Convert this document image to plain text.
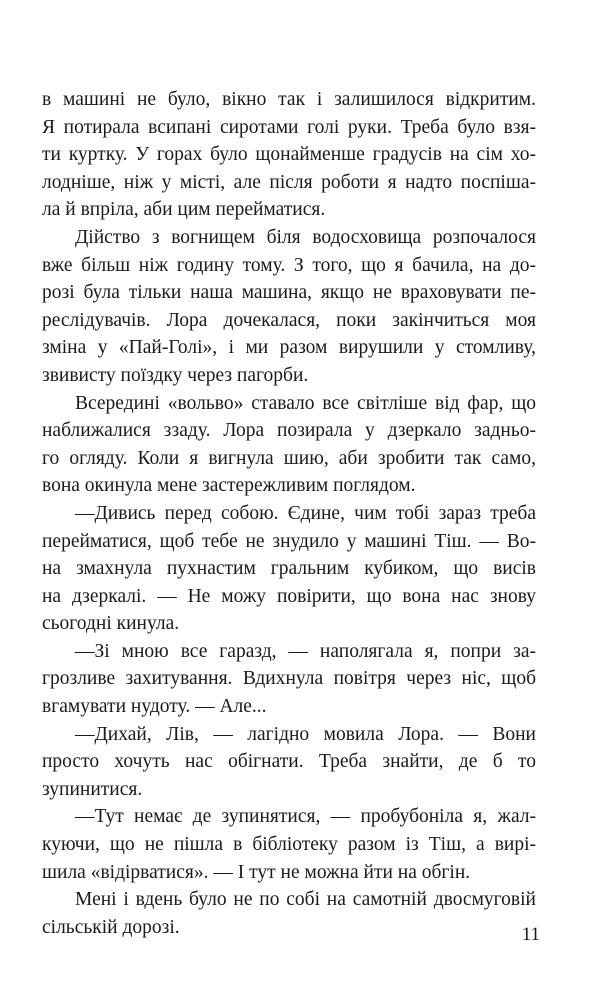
в машині не було, вікно так і залишилося відкритим.
Я потирала всипані сиротами голі руки. Треба було взя-
ти куртку. У горах було щонайменше градусів на сім хо-
лодніше, ніж у місті, але після роботи я надто поспіша-
ла й впріла, аби цим перейматися.
Дійство з вогнищем біля водосховища розпочалося
вже більш ніж годину тому. З того, що я бачила, на до-
розі була тільки наша машина, якщо не враховувати пе-
реслідувачів. Лора дочекалася, поки закінчиться моя
зміна у «Пай-Голі», і ми разом вирушили у стомливу,
звивисту поїздку через пагорби.
Всередині «вольво» ставало все світліше від фар, що
наближалися ззаду. Лора позирала у дзеркало задньо-
го огляду. Коли я вигнула шию, аби зробити так само,
вона окинула мене застережливим поглядом.
—Дивись перед собою. Єдине, чим тобі зараз треба
перейматися, щоб тебе не знудило у машині Тіш. — Во-
на змахнула пухнастим гральним кубиком, що висів
на дзеркалі. — Не можу повірити, що вона нас знову
сьогодні кинула.
—Зі мною все гаразд, — наполягала я, попри за-
грозливе захитування. Вдихнула повітря через ніс, щоб
вгамувати нудоту. — Але...
—Дихай, Лів, — лагідно мовила Лора. — Вони
просто хочуть нас обігнати. Треба знайти, де б то
зупинитися.
—Тут немає де зупинятися, — пробубоніла я, жал-
куючи, що не пішла в бібліотеку разом із Тіш, а вирі-
шила «відірватися». — І тут не можна йти на обгін.
Мені і вдень було не по собі на самотній двосмуговій
сільській дорозі.	11
